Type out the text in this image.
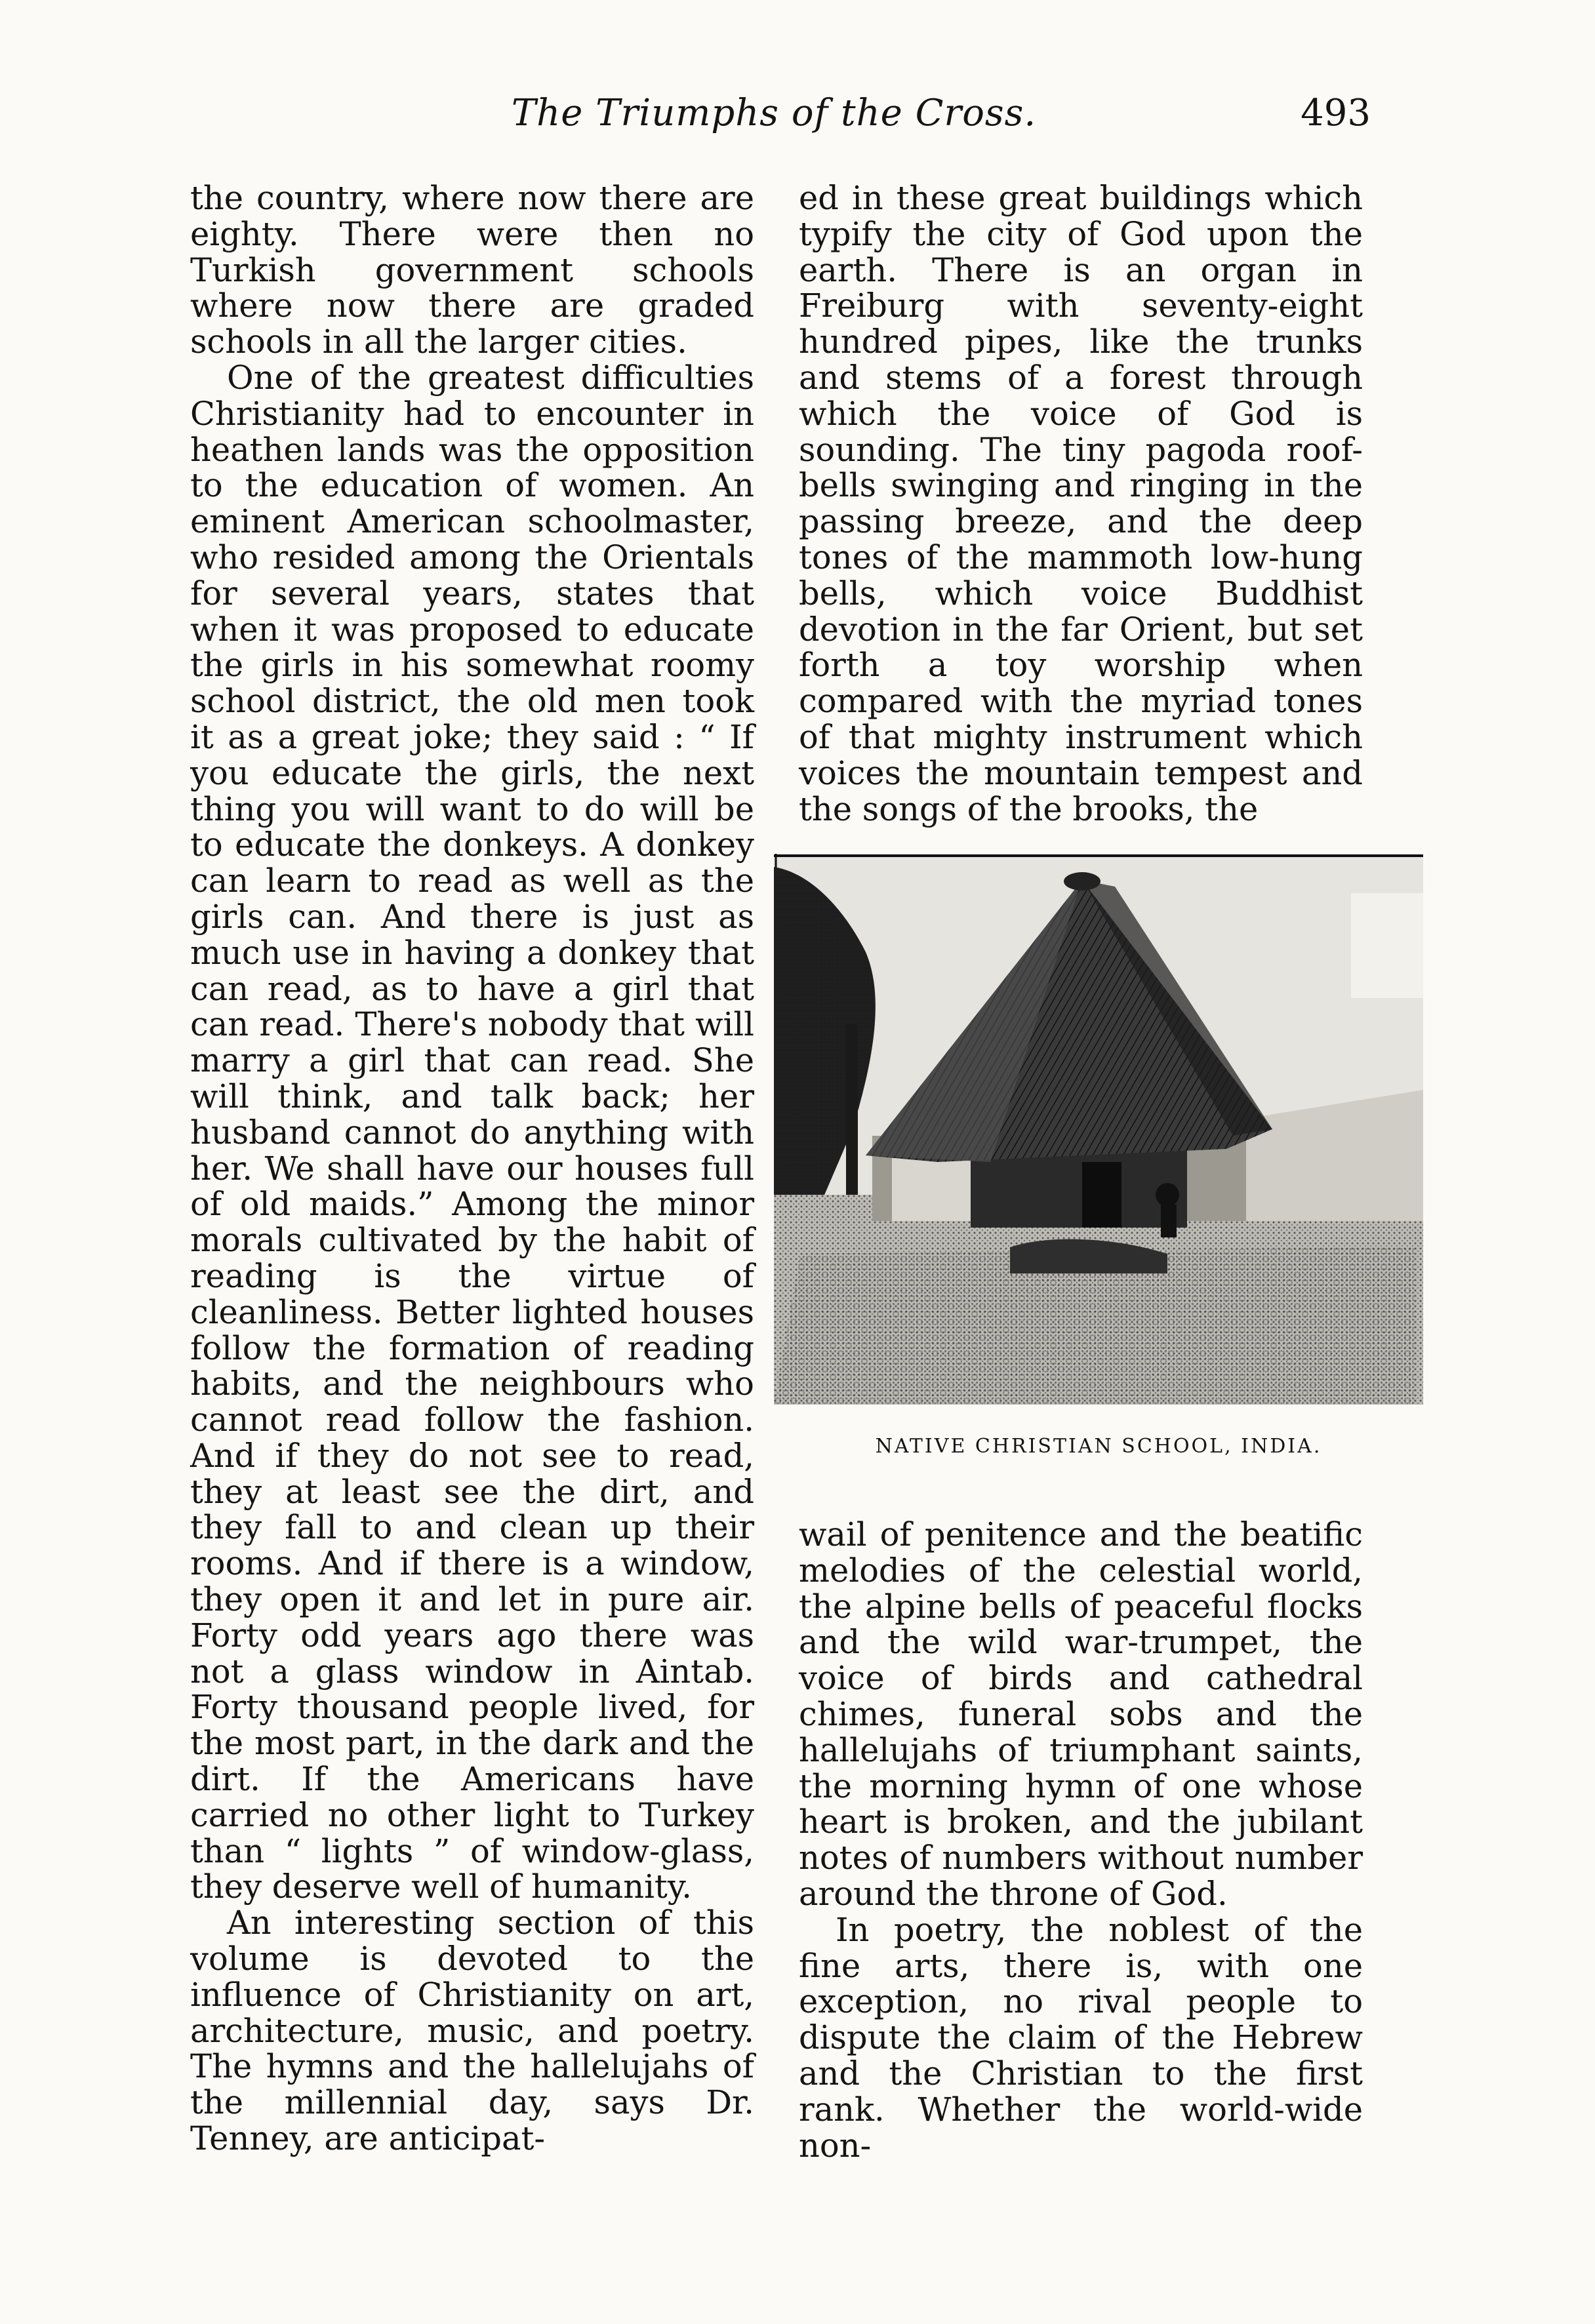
The Triumphs of the Cross.	493

the country, where now there are eighty. There were then no Turkish government schools where now there are graded schools in all the larger cities.

One of the greatest difficulties Christianity had to encounter in heathen lands was the opposition to the education of women. An eminent American schoolmaster, who resided among the Orientals for several years, states that when it was proposed to educate the girls in his somewhat roomy school district, the old men took it as a great joke; they said : “ If you educate the girls, the next thing you will want to do will be to educate the donkeys. A donkey can learn to read as well as the girls can. And there is just as much use in having a donkey that can read, as to have a girl that can read. There's nobody that will marry a girl that can read. She will think, and talk back; her husband cannot do anything with her. We shall have our houses full of old maids.” Among the minor morals cultivated by the habit of reading is the virtue of cleanliness. Better lighted houses follow the formation of reading habits, and the neighbours who cannot read follow the fashion. And if they do not see to read, they at least see the dirt, and they fall to and clean up their rooms. And if there is a window, they open it and let in pure air. Forty odd years ago there was not a glass window in Aintab. Forty thousand people lived, for the most part, in the dark and the dirt. If the Americans have carried no other light to Turkey than “ lights ” of window-glass, they deserve well of humanity.

An interesting section of this volume is devoted to the influence of Christianity on art, architecture, music, and poetry. The hymns and the hallelujahs of the millennial day, says Dr. Tenney, are anticipat-

ed in these great buildings which typify the city of God upon the earth. There is an organ in Freiburg with seventy-eight hundred pipes, like the trunks and stems of a forest through which the voice of God is sounding. The tiny pagoda roof-bells swinging and ringing in the passing breeze, and the deep tones of the mammoth low-hung bells, which voice Buddhist devotion in the far Orient, but set forth a toy worship when compared with the myriad tones of that mighty instrument which voices the mountain tempest and the songs of the brooks, the

NATIVE CHRISTIAN SCHOOL, INDIA.

wail of penitence and the beatific melodies of the celestial world, the alpine bells of peaceful flocks and the wild war-trumpet, the voice of birds and cathedral chimes, funeral sobs and the hallelujahs of triumphant saints, the morning hymn of one whose heart is broken, and the jubilant notes of numbers without number around the throne of God.

In poetry, the noblest of the fine arts, there is, with one exception, no rival people to dispute the claim of the Hebrew and the Christian to the first rank. Whether the world-wide non-
